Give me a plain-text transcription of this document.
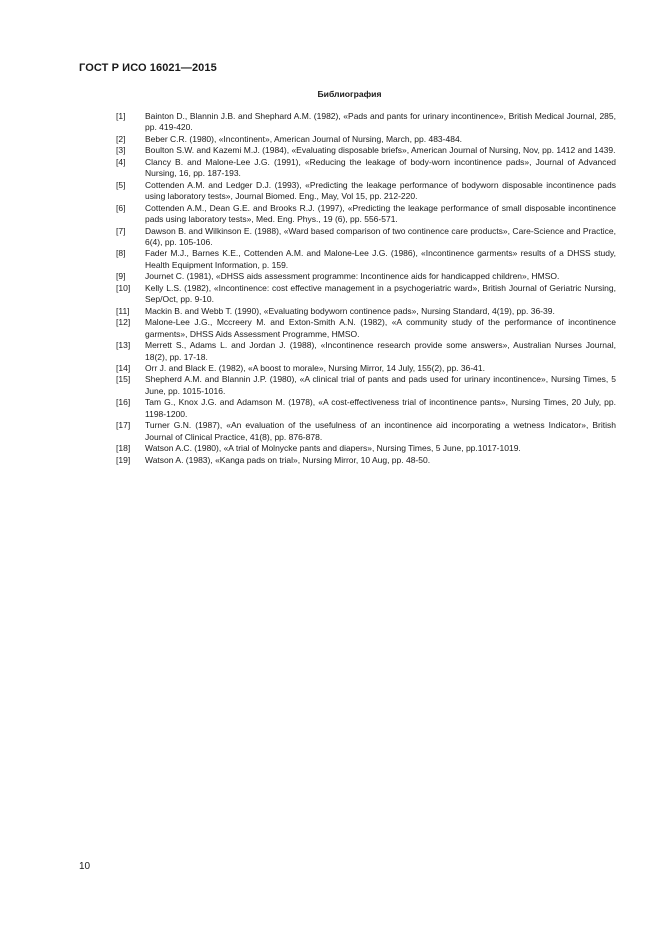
ГОСТ Р ИСО 16021—2015
Библиография
[1]	Bainton D., Blannin J.B. and Shephard A.M. (1982), «Pads and pants for urinary incontinence», British Medical Journal, 285, pp. 419-420.
[2]	Beber C.R. (1980), «Incontinent», American Journal of Nursing, March, pp. 483-484.
[3]	Boulton S.W. and Kazemi M.J. (1984), «Evaluating disposable briefs», American Journal of Nursing, Nov, pp. 1412 and 1439.
[4]	Clancy B. and Malone-Lee J.G. (1991), «Reducing the leakage of body-worn incontinence pads», Journal of Advanced Nursing, 16, pp. 187-193.
[5]	Cottenden A.M. and Ledger D.J. (1993), «Predicting the leakage performance of bodyworn disposable incontinence pads using laboratory tests», Journal Biomed. Eng., May, Vol 15, pp. 212-220.
[6]	Cottenden A.M., Dean G.E. and Brooks R.J. (1997), «Predicting the leakage performance of small disposable incontinence pads using laboratory tests», Med. Eng. Phys., 19 (6), pp. 556-571.
[7]	Dawson B. and Wilkinson E. (1988), «Ward based comparison of two continence care products», Care-Science and Practice, 6(4), pp. 105-106.
[8]	Fader M.J., Barnes K.E., Cottenden A.M. and Malone-Lee J.G. (1986), «Incontinence garments» results of a DHSS study, Health Equipment Information, p. 159.
[9]	Journet C. (1981), «DHSS aids assessment programme: Incontinence aids for handicapped children», HMSO.
[10]	Kelly L.S. (1982), «Incontinence: cost effective management in a psychogeriatric ward», British Journal of Geriatric Nursing, Sep/Oct, pp. 9-10.
[11]	Mackin B. and Webb T. (1990), «Evaluating bodyworn continence pads», Nursing Standard, 4(19), pp. 36-39.
[12]	Malone-Lee J.G., Mccreery M. and Exton-Smith A.N. (1982), «A community study of the performance of incontinence garments», DHSS Aids Assessment Programme, HMSO.
[13]	Merrett S., Adams L. and Jordan J. (1988), «Incontinence research provide some answers», Australian Nurses Journal, 18(2), pp. 17-18.
[14]	Orr J. and Black E. (1982), «A boost to morale», Nursing Mirror, 14 July, 155(2), pp. 36-41.
[15]	Shepherd A.M. and Blannin J.P. (1980), «A clinical trial of pants and pads used for urinary incontinence», Nursing Times, 5 June, pp. 1015-1016.
[16]	Tam G., Knox J.G. and Adamson M. (1978), «A cost-effectiveness trial of incontinence pants», Nursing Times, 20 July, pp. 1198-1200.
[17]	Turner G.N. (1987), «An evaluation of the usefulness of an incontinence aid incorporating a wetness Indicator», British Journal of Clinical Practice, 41(8), pp. 876-878.
[18]	Watson A.C. (1980), «A trial of Molnycke pants and diapers», Nursing Times, 5 June, pp.1017-1019.
[19]	Watson A. (1983), «Kanga pads on trial», Nursing Mirror, 10 Aug, pp. 48-50.
10
